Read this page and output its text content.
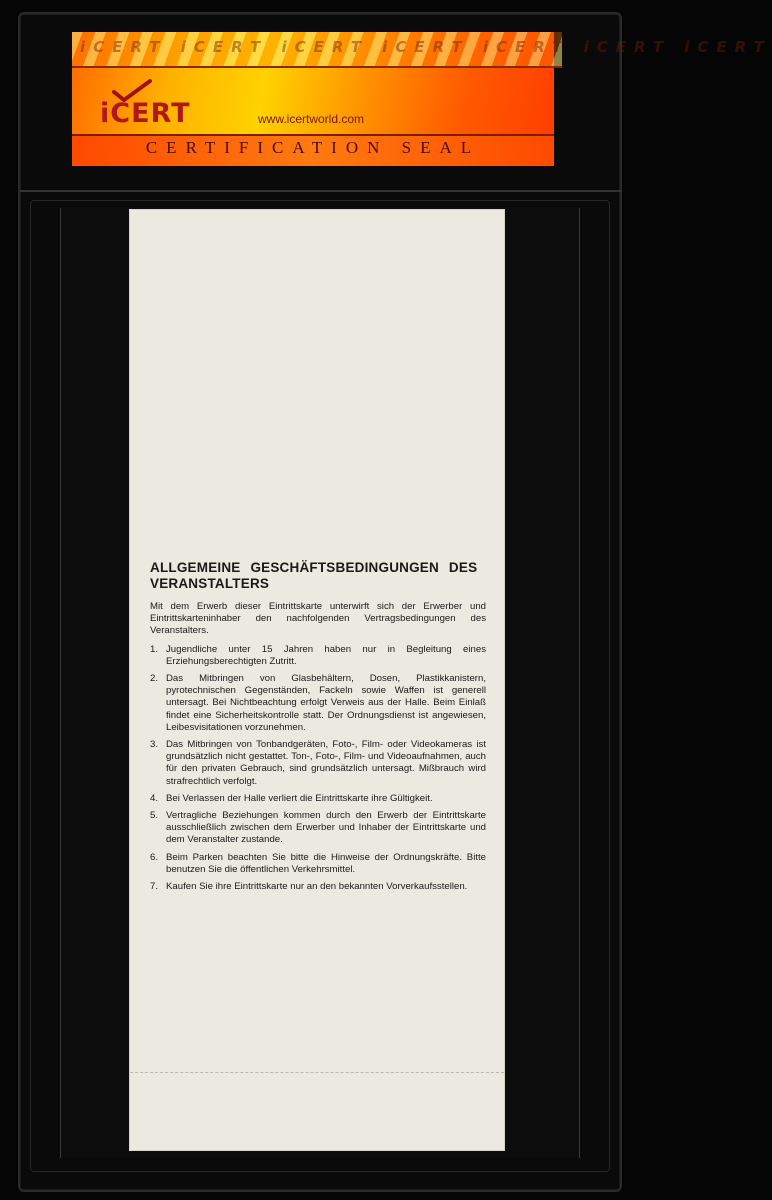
iCERT iCERT iCERT iCERT iCERT iCERT iCERT
iCERT	www.icertworld.com
CERTIFICATION SEAL
ALLGEMEINE GESCHÄFTSBEDINGUNGEN DES VERANSTALTERS
Mit dem Erwerb dieser Eintrittskarte unterwirft sich der Erwerber und Eintrittskarteninhaber den nachfolgenden Vertragsbedingungen des Veranstalters.
1. Jugendliche unter 15 Jahren haben nur in Begleitung eines Erziehungsberechtigten Zutritt.
2. Das Mitbringen von Glasbehältern, Dosen, Plastikkanistern, pyrotechnischen Gegenständen, Fackeln sowie Waffen ist generell untersagt. Bei Nichtbeachtung erfolgt Verweis aus der Halle. Beim Einlaß findet eine Sicherheitskontrolle statt. Der Ordnungsdienst ist angewiesen, Leibesvisitationen vorzunehmen.
3. Das Mitbringen von Tonbandgeräten, Foto-, Film- oder Videokameras ist grundsätzlich nicht gestattet. Ton-, Foto-, Film- und Videoaufnahmen, auch für den privaten Gebrauch, sind grundsätzlich untersagt. Mißbrauch wird strafrechtlich verfolgt.
4. Bei Verlassen der Halle verliert die Eintrittskarte ihre Gültigkeit.
5. Vertragliche Beziehungen kommen durch den Erwerb der Eintrittskarte ausschließlich zwischen dem Erwerber und Inhaber der Eintrittskarte und dem Veranstalter zustande.
6. Beim Parken beachten Sie bitte die Hinweise der Ordnungskräfte. Bitte benutzen Sie die öffentlichen Verkehrsmittel.
7. Kaufen Sie ihre Eintrittskarte nur an den bekannten Vorverkaufsstellen.
